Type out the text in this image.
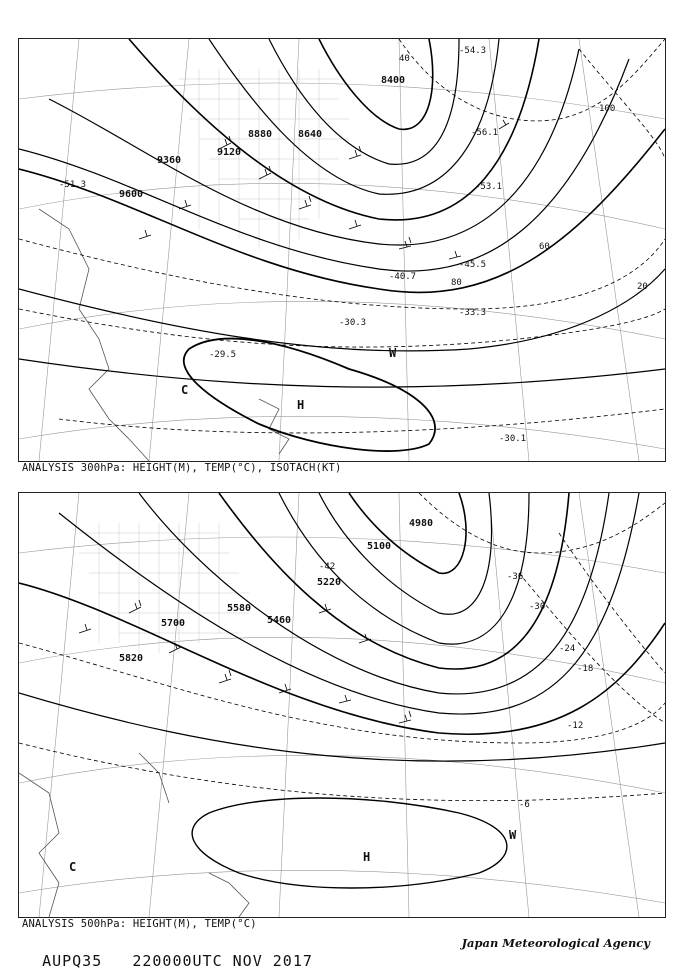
9600
9360
9120
8880	8640
8400
20
40
60
80
100
-30.1
-29.5
-30.3
-33.3
-40.7
-45.5
-51.3	-53.1
-56.1
-54.3
C
W
H
ANALYSIS 300hPa: HEIGHT(M), TEMP(°C), ISOTACH(KT)
5820
5700
5580
5460
5220
5100
4980
-42
-36
-30
-24
-18
-12
-6
C
W
H
ANALYSIS 500hPa: HEIGHT(M), TEMP(°C)

AUPQ35 220000UTC NOV 2017

Japan Meteorological Agency
